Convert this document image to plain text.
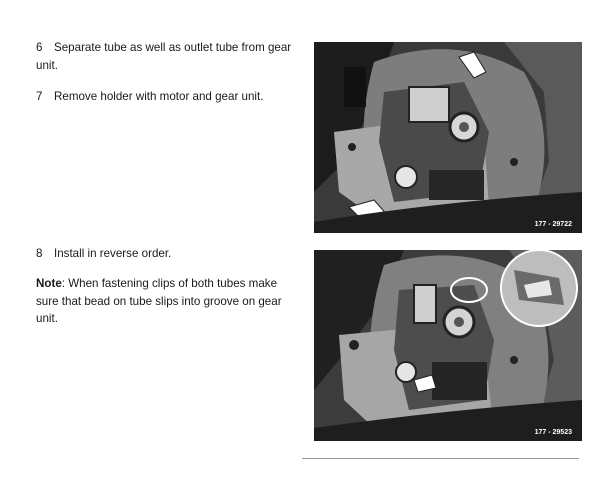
6 Separate tube as well as outlet tube from gear unit.

7 Remove holder with motor and gear unit.

8 Install in reverse order.

Note: When fastening clips of both tubes make sure that bead on tube slips into groove on gear unit.

177 - 29722
177 - 29523
